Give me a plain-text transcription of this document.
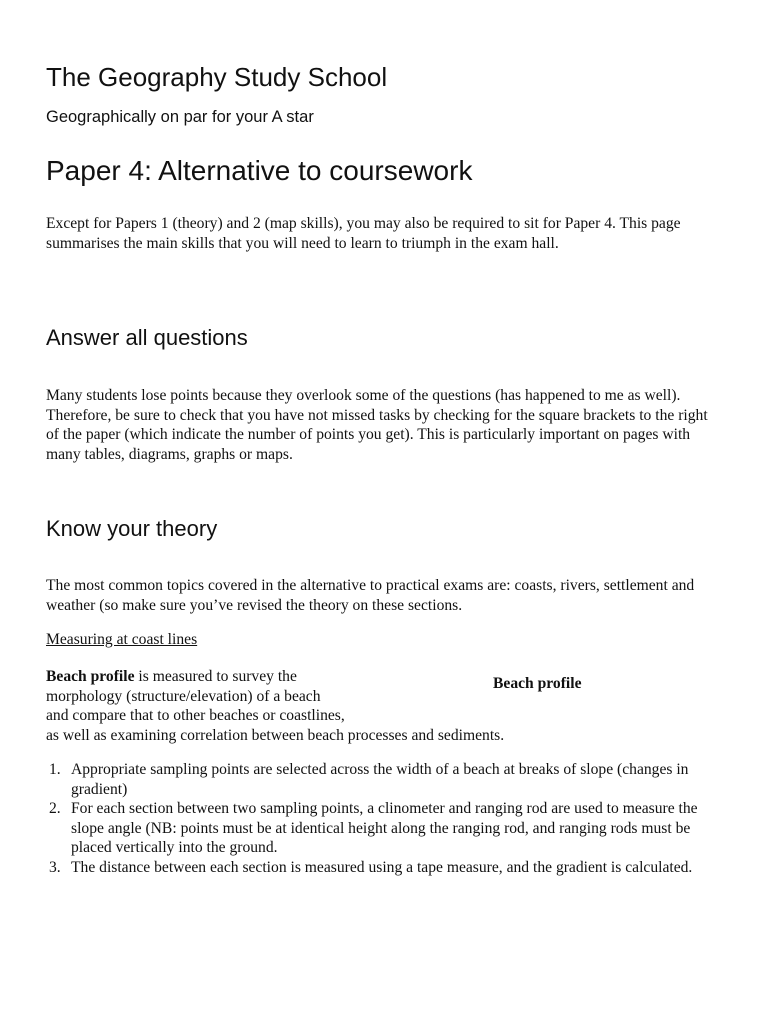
The Geography Study School

Geographically on par for your A star

Paper 4: Alternative to coursework

Except for Papers 1 (theory) and 2 (map skills), you may also be required to sit for Paper 4. This page summarises the main skills that you will need to learn to triumph in the exam hall.

Answer all questions

Many students lose points because they overlook some of the questions (has happened to me as well). Therefore, be sure to check that you have not missed tasks by checking for the square brackets to the right of the paper (which indicate the number of points you get). This is particularly important on pages with many tables, diagrams, graphs or maps.

Know your theory

The most common topics covered in the alternative to practical exams are: coasts, rivers, settlement and weather (so make sure you’ve revised the theory on these sections.

Measuring at coast lines

Beach profile is measured to survey the morphology (structure/elevation) of a beach and compare that to other beaches or coastlines, as well as examining correlation between beach processes and sediments.

Beach profile

1. Appropriate sampling points are selected across the width of a beach at breaks of slope (changes in gradient)
2. For each section between two sampling points, a clinometer and ranging rod are used to measure the slope angle (NB: points must be at identical height along the ranging rod, and ranging rods must be placed vertically into the ground.
3. The distance between each section is measured using a tape measure, and the gradient is calculated.
